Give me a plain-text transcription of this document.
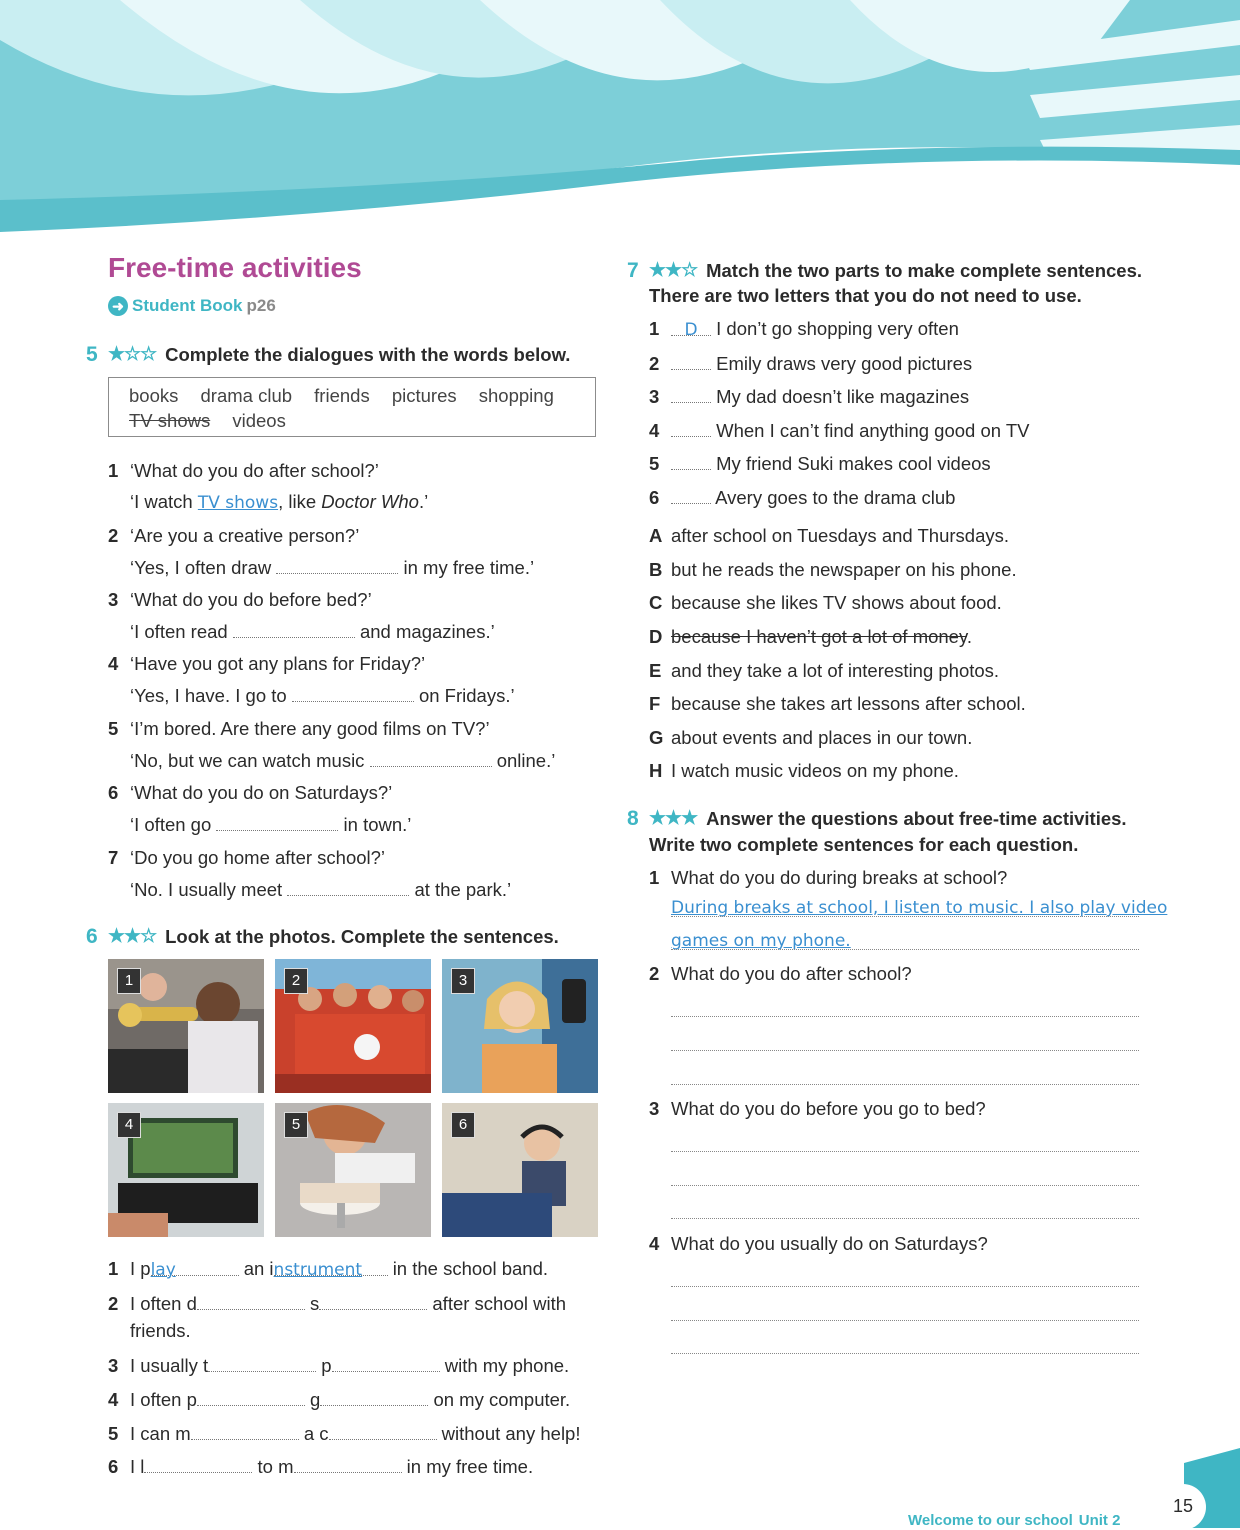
Free-time activities
➜ Student Book p26
5 ★☆☆ Complete the dialogues with the words below.
books drama club friends pictures shopping
TV shows videos
1 ‘What do you do after school?’
‘I watch TV shows, like Doctor Who.’
2 ‘Are you a creative person?’
‘Yes, I often draw	in my free time.’
3 ‘What do you do before bed?’
‘I often read	and magazines.’
4 ‘Have you got any plans for Friday?’
‘Yes, I have. I go to	on Fridays.’
5 ‘I’m bored. Are there any good films on TV?’
‘No, but we can watch music	online.’
6 ‘What do you do on Saturdays?’
‘I often go	in town.’
7 ‘Do you go home after school?’
‘No. I usually meet	at the park.’
6 ★★☆ Look at the photos. Complete the sentences.
1	2	3
4	5	6
1 I play	an instrument in the school band.
2 I often d	s	after school with
friends.
3 I usually t	p	with my phone.
4 I often p	g	on my computer.
5 I can m	a c	without any help!
6 I l	to m	in my free time.
7 ★★☆ Match the two parts to make complete sentences.
There are two letters that you do not need to use.
1 D I don’t go shopping very often
2	Emily draws very good pictures
3	My dad doesn’t like magazines
4	When I can’t find anything good on TV
5	My friend Suki makes cool videos
6	Avery goes to the drama club
A after school on Tuesdays and Thursdays.
B but he reads the newspaper on his phone.
C because she likes TV shows about food.
D because I haven’t got a lot of money.
E and they take a lot of interesting photos.
F because she takes art lessons after school.
G about events and places in our town.
H I watch music videos on my phone.
8 ★★★ Answer the questions about free-time activities.
Write two complete sentences for each question.
1 What do you do during breaks at school?
During breaks at school, I listen to music. I also play video
games on my phone.
2 What do you do after school?
3 What do you do before you go to bed?
4 What do you usually do on Saturdays?
15
Welcome to our school Unit 2
